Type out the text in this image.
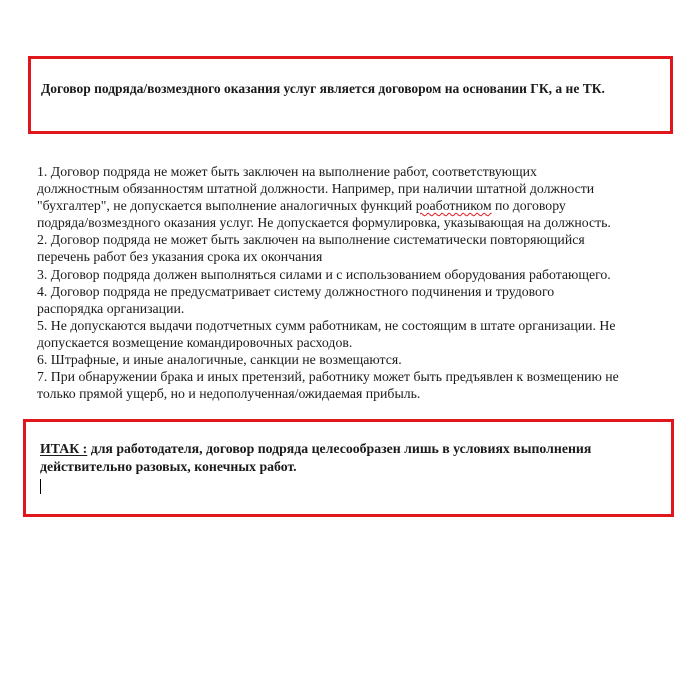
Договор подряда/возмездного оказания услуг является договором на основании ГК, а не ТК.
1. Договор подряда не может быть заключен на выполнение работ, соответствующих
должностным обязанностям штатной должности. Например, при наличии штатной должности
"бухгалтер", не допускается выполнение аналогичных функций роаботником по договору
подряда/возмездного оказания услуг. Не допускается формулировка, указывающая на должность.
2. Договор подряда не может быть заключен на выполнение систематически повторяющийся
перечень работ без указания срока их окончания
3. Договор подряда должен выполняться силами и с использованием оборудования работающего.
4. Договор подряда не предусматривает систему должностного подчинения и трудового
распорядка организации.
5. Не допускаются выдачи подотчетных сумм работникам, не состоящим в штате организации. Не
допускается возмещение командировочных расходов.
6. Штрафные, и иные аналогичные, санкции не возмещаются.
7. При обнаружении брака и иных претензий, работнику может быть предъявлен к возмещению не
только прямой ущерб, но и недополученная/ожидаемая прибыль.
ИТАК : для работодателя, договор подряда целесообразен лишь в условиях выполнения
действительно разовых, конечных работ.
